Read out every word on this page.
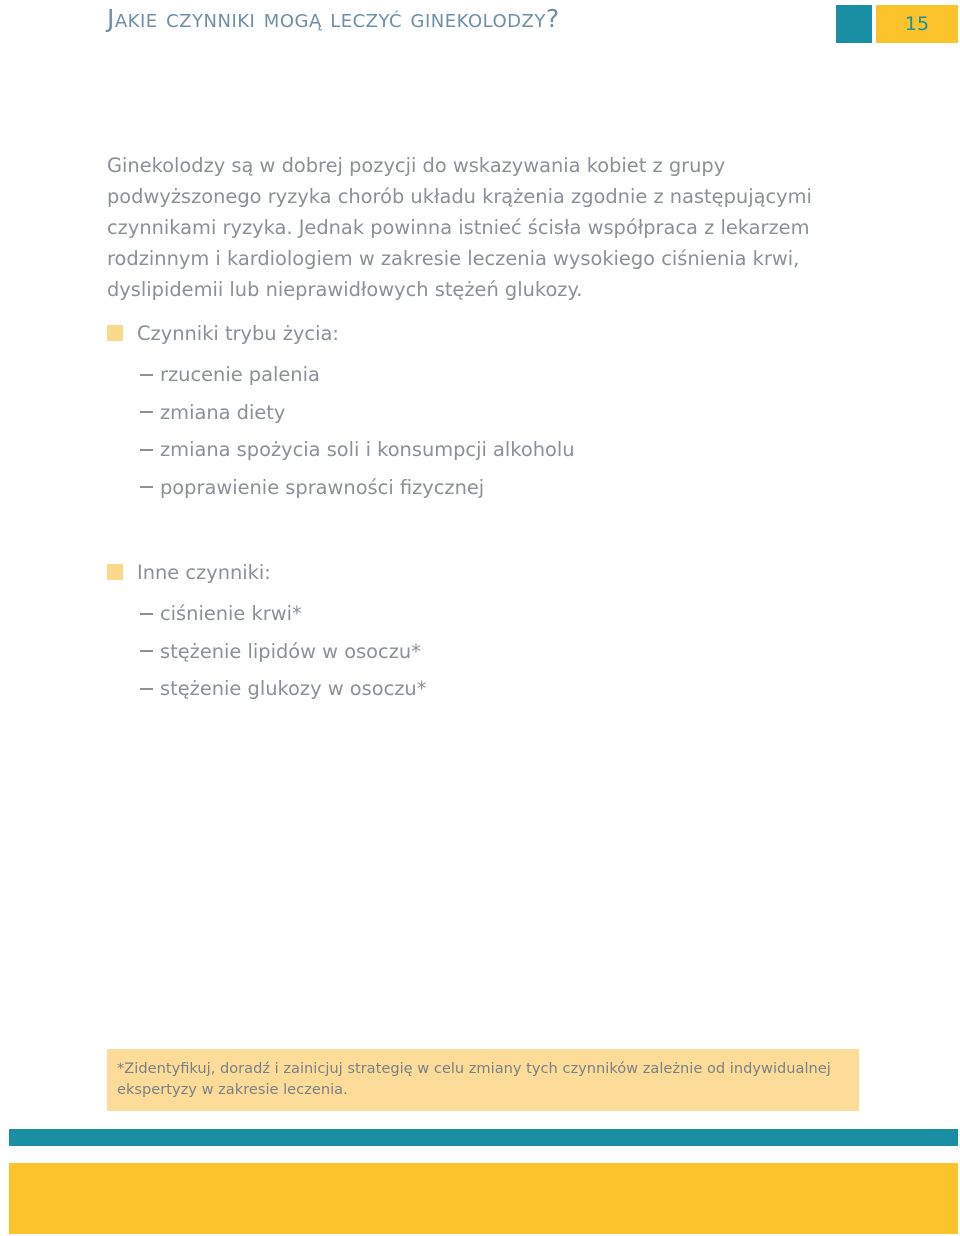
Jakie czynniki mogą leczyć ginekolodzy?	15

Ginekolodzy są w dobrej pozycji do wskazywania kobiet z grupy podwyższonego ryzyka chorób układu krążenia zgodnie z następującymi czynnikami ryzyka. Jednak powinna istnieć ścisła współpraca z lekarzem rodzinnym i kardiologiem w zakresie leczenia wysokiego ciśnienia krwi, dyslipidemii lub nieprawidłowych stężeń glukozy.

Czynniki trybu życia:
rzucenie palenia
zmiana diety
zmiana spożycia soli i konsumpcji alkoholu
poprawienie sprawności fizycznej
Inne czynniki:
ciśnienie krwi*
stężenie lipidów w osoczu*
stężenie glukozy w osoczu*
*Zidentyfikuj, doradź i zainicjuj strategię w celu zmiany tych czynników zależnie od indywidualnej ekspertyzy w zakresie leczenia.
